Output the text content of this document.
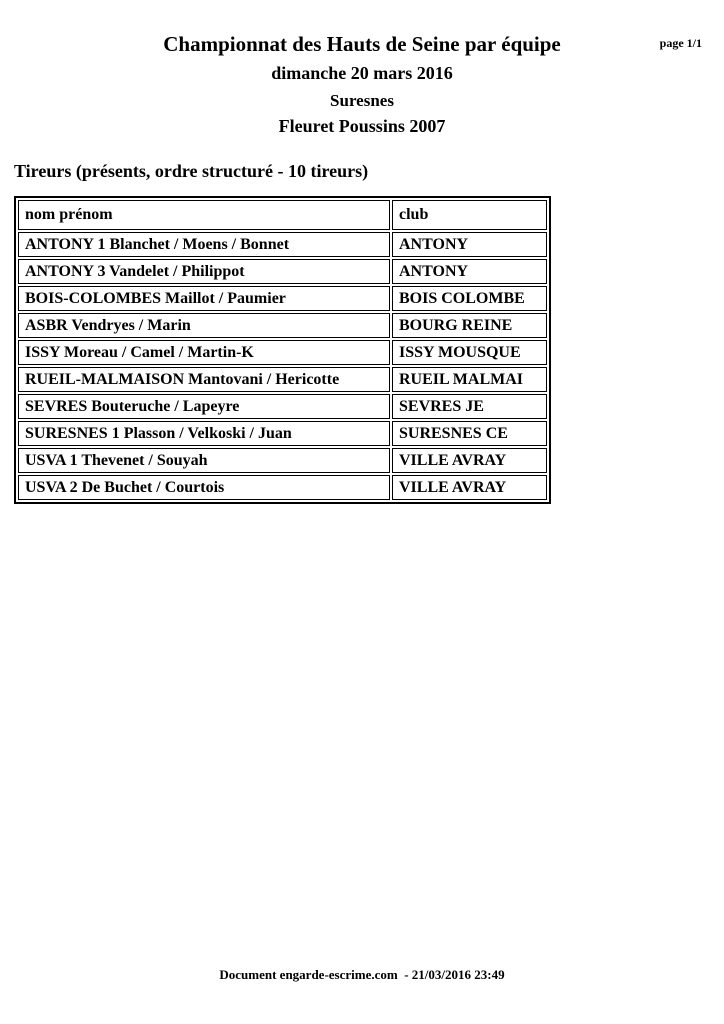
page 1/1
Championnat des Hauts de Seine par équipe
dimanche 20 mars 2016
Suresnes
Fleuret Poussins 2007
Tireurs (présents, ordre structuré - 10 tireurs)
nom prénom	club
ANTONY 1 Blanchet / Moens / Bonnet	ANTONY
ANTONY 3 Vandelet / Philippot	ANTONY
BOIS-COLOMBES Maillot / Paumier	BOIS COLOMBE
ASBR Vendryes / Marin	BOURG REINE
ISSY Moreau / Camel / Martin-K	ISSY MOUSQUE
RUEIL-MALMAISON Mantovani / Hericotte	RUEIL MALMAI
SEVRES Bouteruche / Lapeyre	SEVRES JE
SURESNES 1 Plasson / Velkoski / Juan	SURESNES CE
USVA 1 Thevenet / Souyah	VILLE AVRAY
USVA 2 De Buchet / Courtois	VILLE AVRAY
Document engarde-escrime.com  - 21/03/2016 23:49
